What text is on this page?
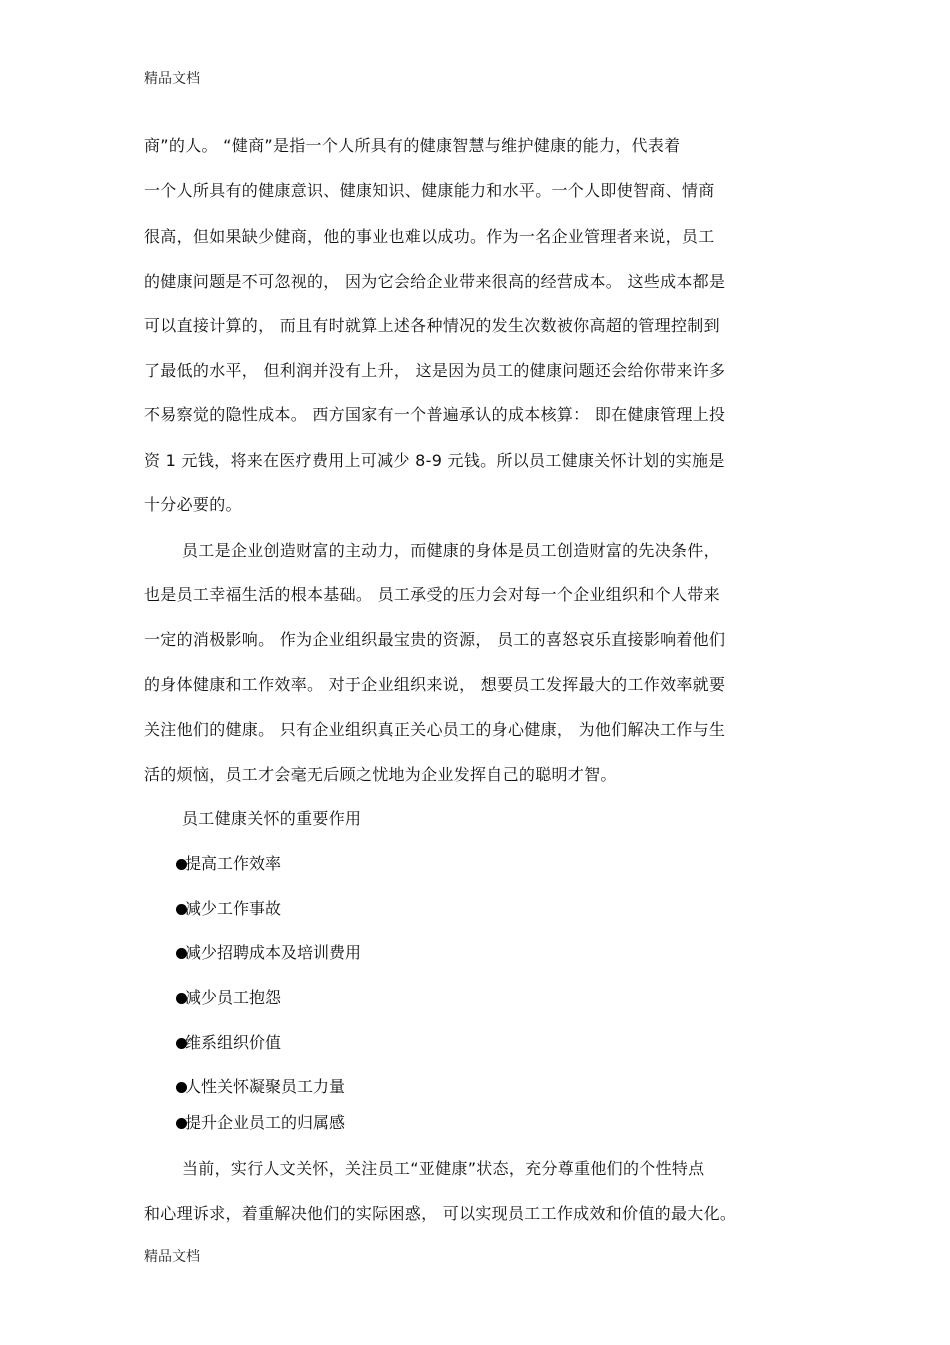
精品文档
商”的人。 “健商”是指一个人所具有的健康智慧与维护健康的能力，代表着
一个人所具有的健康意识、健康知识、健康能力和水平。一个人即使智商、情商
很高，但如果缺少健商，他的事业也难以成功。作为一名企业管理者来说，员工
的健康问题是不可忽视的， 因为它会给企业带来很高的经营成本。 这些成本都是
可以直接计算的， 而且有时就算上述各种情况的发生次数被你高超的管理控制到
了最低的水平， 但利润并没有上升， 这是因为员工的健康问题还会给你带来许多
不易察觉的隐性成本。 西方国家有一个普遍承认的成本核算： 即在健康管理上投
资 1 元钱，将来在医疗费用上可减少 8-9 元钱。所以员工健康关怀计划的实施是
十分必要的。
员工是企业创造财富的主动力，而健康的身体是员工创造财富的先决条件，
也是员工幸福生活的根本基础。 员工承受的压力会对每一个企业组织和个人带来
一定的消极影响。 作为企业组织最宝贵的资源， 员工的喜怒哀乐直接影响着他们
的身体健康和工作效率。 对于企业组织来说， 想要员工发挥最大的工作效率就要
关注他们的健康。 只有企业组织真正关心员工的身心健康， 为他们解决工作与生
活的烦恼，员工才会毫无后顾之忧地为企业发挥自己的聪明才智。
员工健康关怀的重要作用
提高工作效率
减少工作事故
减少招聘成本及培训费用
减少员工抱怨
维系组织价值
人性关怀凝聚员工力量
提升企业员工的归属感
当前，实行人文关怀，关注员工“亚健康”状态，充分尊重他们的个性特点
和心理诉求，着重解决他们的实际困惑， 可以实现员工工作成效和价值的最大化。
精品文档
